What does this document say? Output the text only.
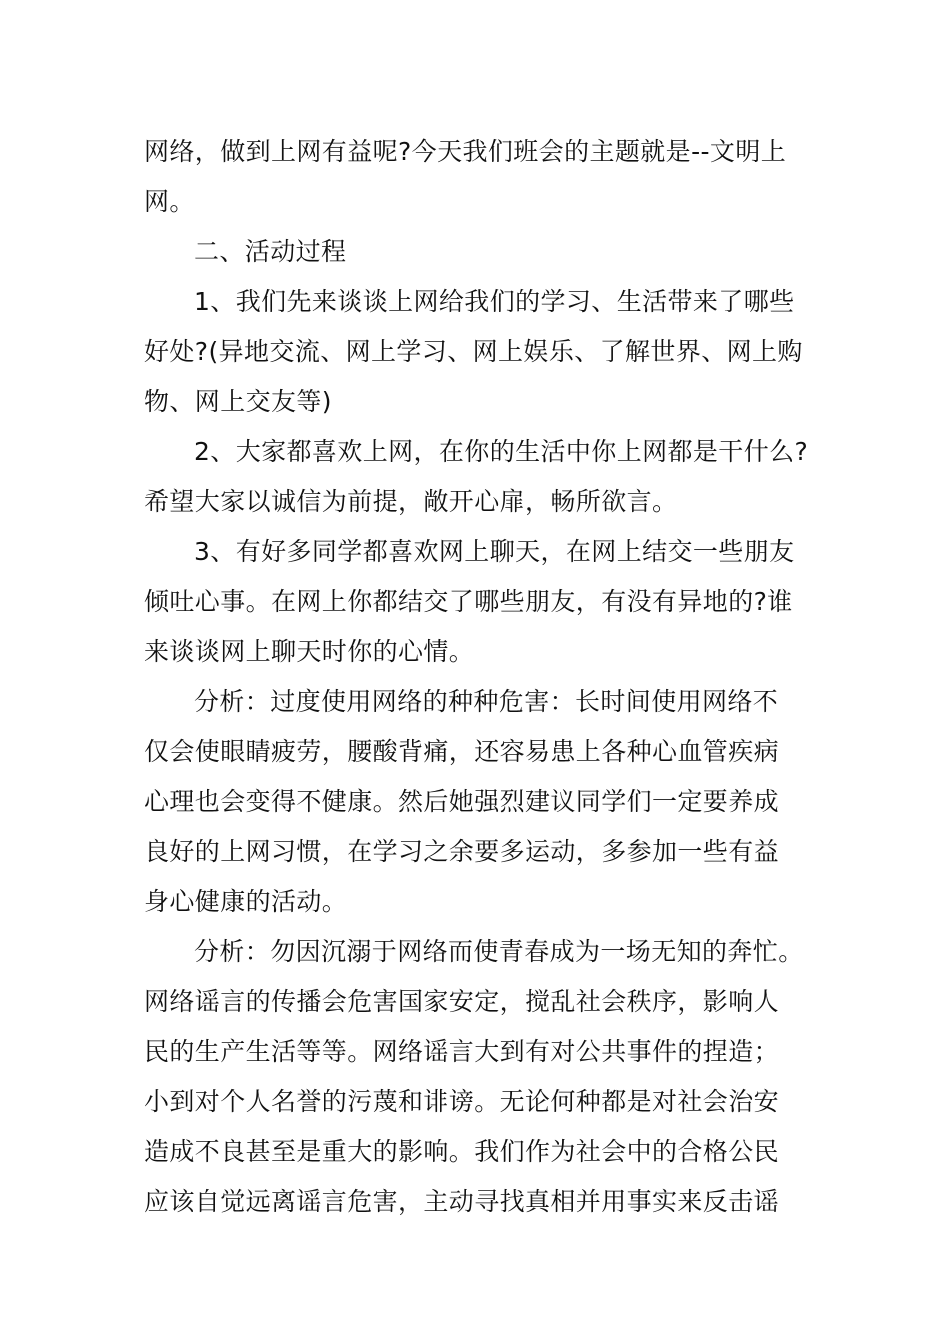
网络，做到上网有益呢?今天我们班会的主题就是--文明上
网。
二、活动过程
1、我们先来谈谈上网给我们的学习、生活带来了哪些
好处?(异地交流、网上学习、网上娱乐、了解世界、网上购
物、网上交友等)
2、大家都喜欢上网，在你的生活中你上网都是干什么?
希望大家以诚信为前提，敞开心扉，畅所欲言。
3、有好多同学都喜欢网上聊天，在网上结交一些朋友
倾吐心事。在网上你都结交了哪些朋友，有没有异地的?谁
来谈谈网上聊天时你的心情。
分析：过度使用网络的种种危害：长时间使用网络不
仅会使眼睛疲劳，腰酸背痛，还容易患上各种心血管疾病
心理也会变得不健康。然后她强烈建议同学们一定要养成
良好的上网习惯，在学习之余要多运动，多参加一些有益
身心健康的活动。
分析：勿因沉溺于网络而使青春成为一场无知的奔忙。
网络谣言的传播会危害国家安定，搅乱社会秩序，影响人
民的生产生活等等。网络谣言大到有对公共事件的捏造；
小到对个人名誉的污蔑和诽谤。无论何种都是对社会治安
造成不良甚至是重大的影响。我们作为社会中的合格公民
应该自觉远离谣言危害，主动寻找真相并用事实来反击谣
